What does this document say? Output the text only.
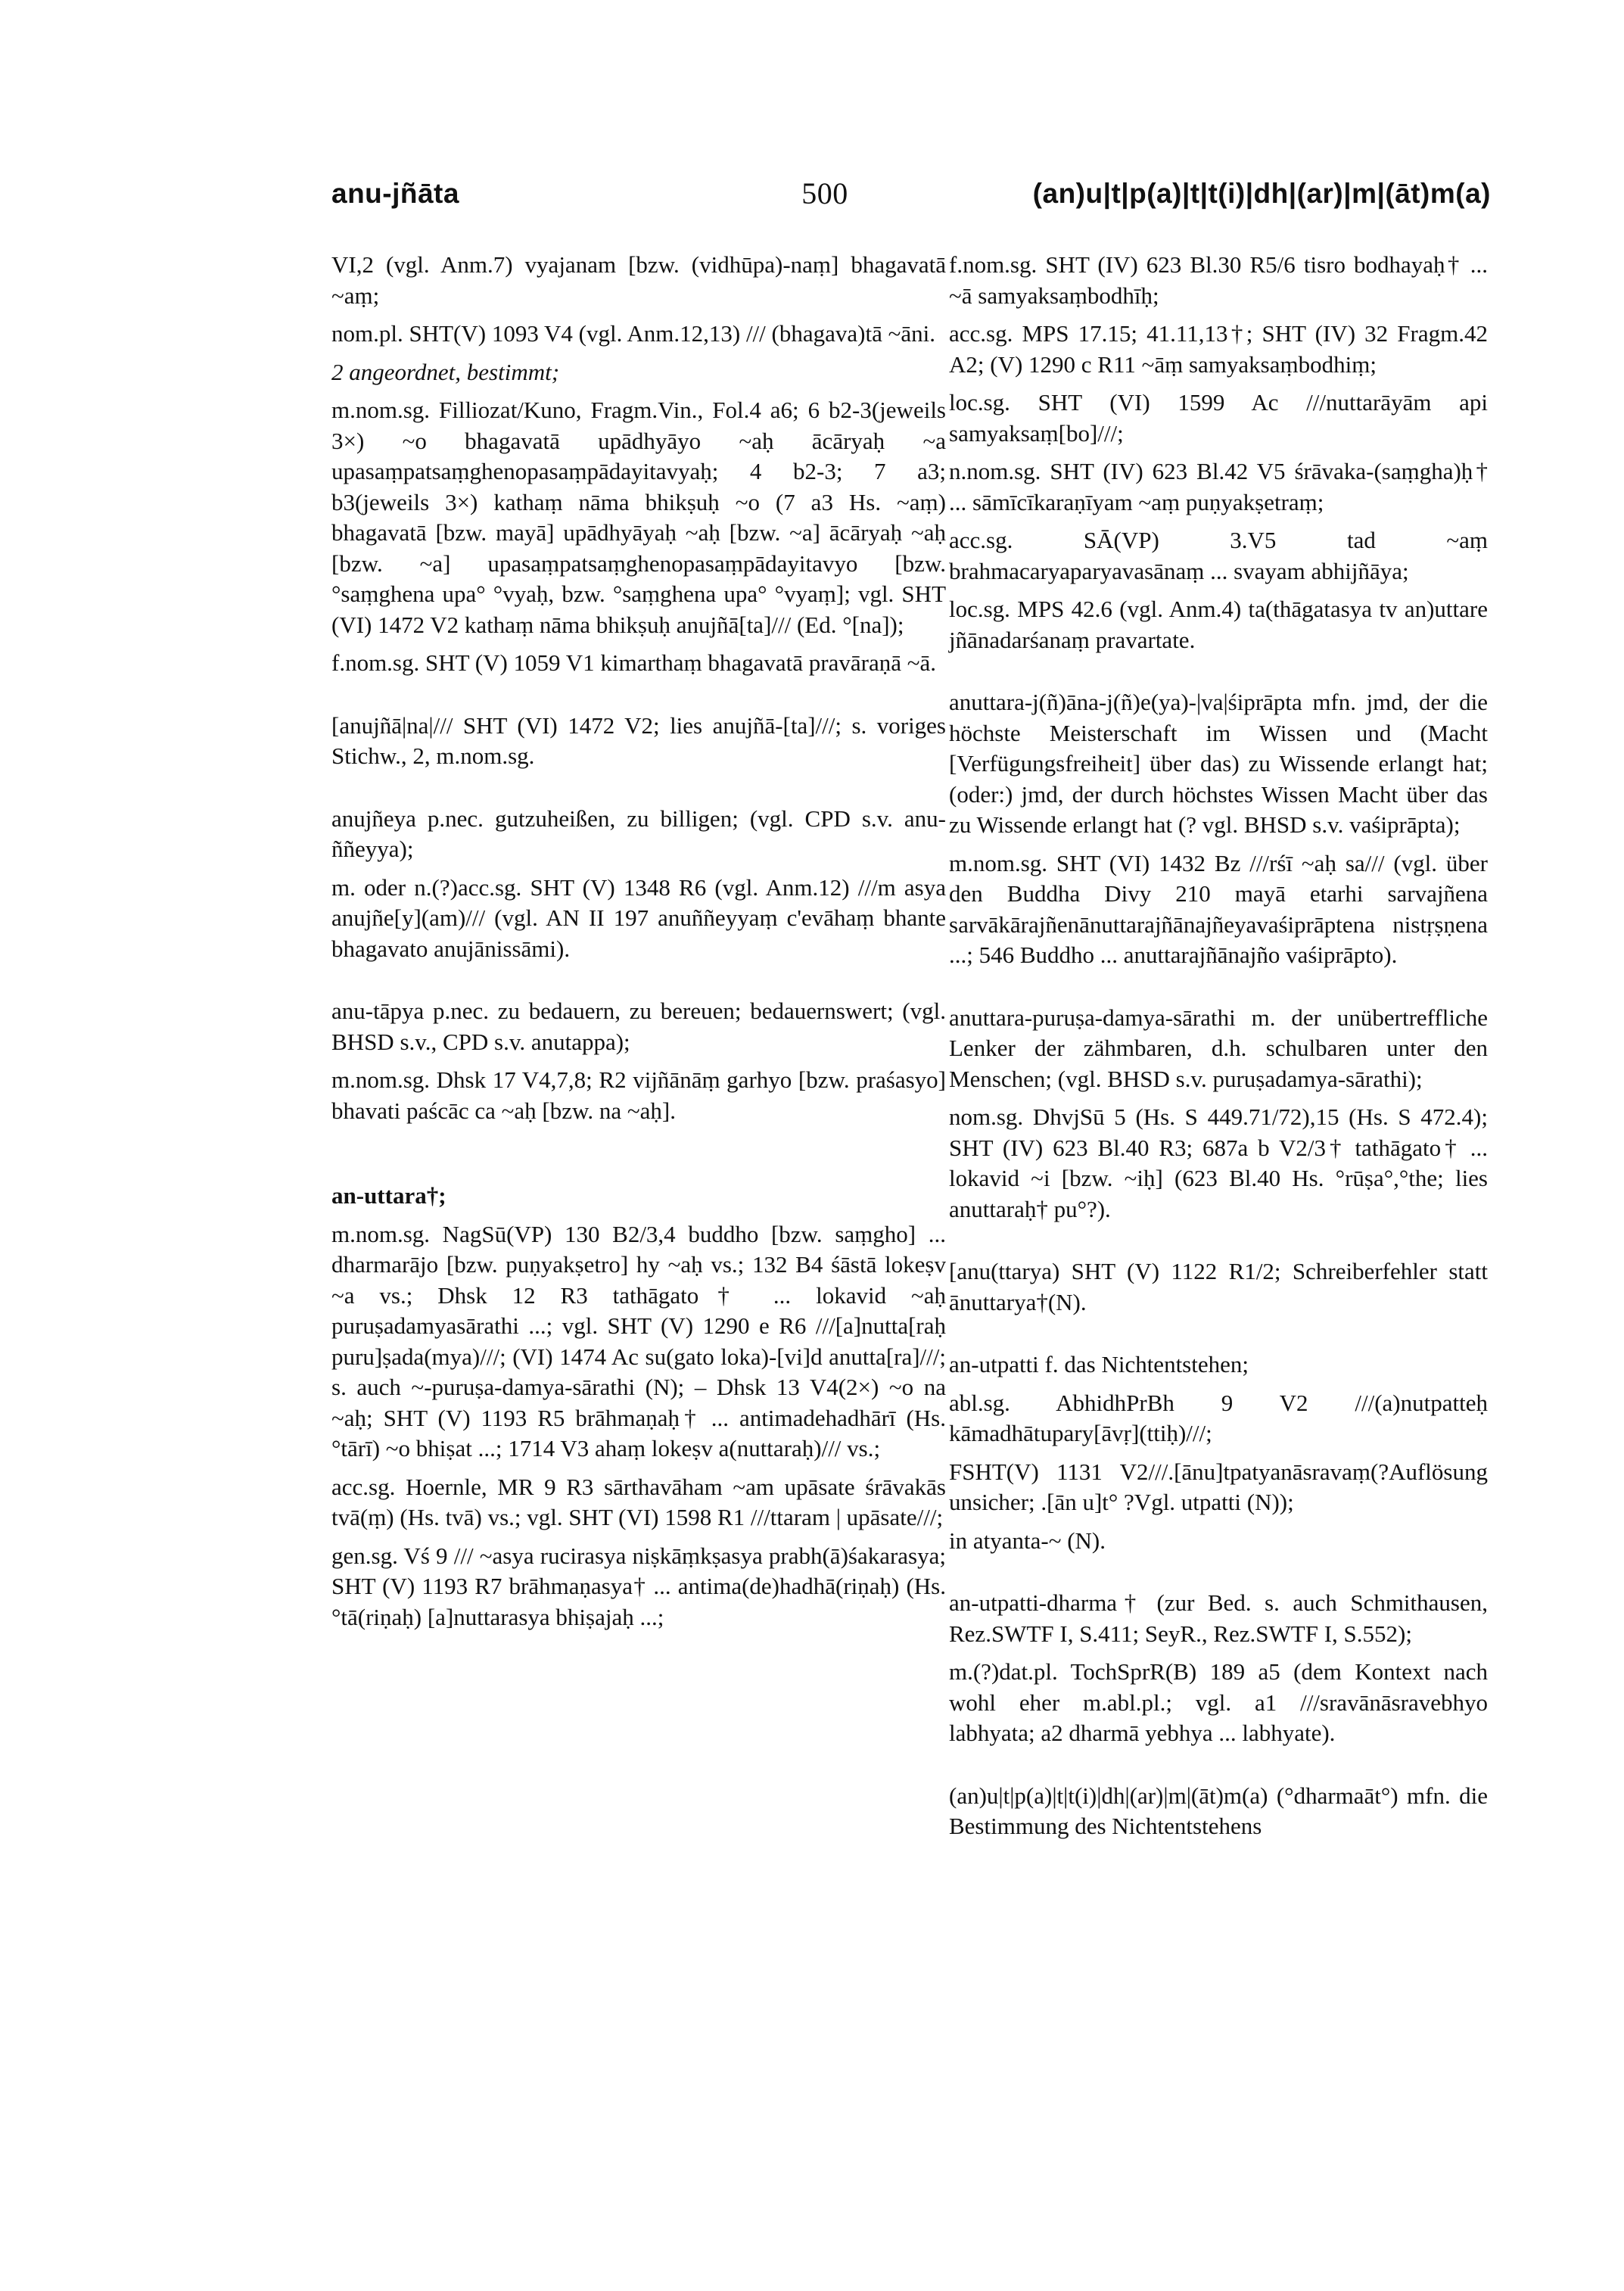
anu-jñāta	500	(an)u|t|p(a)|t|t(i)|dh|(ar)|m|(āt)m(a)

VI,2 (vgl. Anm.7) vyajanam [bzw. (vidhūpa)-naṃ] bhagavatā ~aṃ;

nom.pl. SHT(V) 1093 V4 (vgl. Anm.12,13) /// (bhagava)tā ~āni.

2 angeordnet, bestimmt;

m.nom.sg. Filliozat/Kuno, Fragm.Vin., Fol.4 a6; 6 b2-3(jeweils 3×) ~o bhagavatā upādhyāyo ~aḥ ācāryaḥ ~a upasaṃpatsaṃghenopasaṃpādayitavyaḥ; 4 b2-3; 7 a3; b3(jeweils 3×) kathaṃ nāma bhikṣuḥ ~o (7 a3 Hs. ~aṃ) bhagavatā [bzw. mayā] upādhyāyaḥ ~aḥ [bzw. ~a] ācāryaḥ ~aḥ [bzw. ~a] upasaṃpatsaṃghenopasaṃpādayitavyo [bzw. °saṃghena upa° °vyaḥ, bzw. °saṃghena upa° °vyaṃ]; vgl. SHT (VI) 1472 V2 kathaṃ nāma bhikṣuḥ anujñā[ta]/// (Ed. °[na]);

f.nom.sg. SHT (V) 1059 V1 kimarthaṃ bhagavatā pravāraṇā ~ā.

[anujñā|na|/// SHT (VI) 1472 V2; lies anujñā-[ta]///; s. voriges Stichw., 2, m.nom.sg.

anujñeya p.nec. gutzuheißen, zu billigen; (vgl. CPD s.v. anu-ññeyya);

m. oder n.(?)acc.sg. SHT (V) 1348 R6 (vgl. Anm.12) ///m asya anujñe[y](am)/// (vgl. AN II 197 anuññeyyaṃ c'evāhaṃ bhante bhagavato anujānissāmi).

anu-tāpya p.nec. zu bedauern, zu bereuen; bedauernswert; (vgl. BHSD s.v., CPD s.v. anutappa);

m.nom.sg. Dhsk 17 V4,7,8; R2 vijñānāṃ garhyo [bzw. praśasyo] bhavati paścāc ca ~aḥ [bzw. na ~aḥ].

an-uttara†;

m.nom.sg. NagSū(VP) 130 B2/3,4 buddho [bzw. saṃgho] ... dharmarājo [bzw. puṇyakṣetro] hy ~aḥ vs.; 132 B4 śāstā lokeṣv ~a vs.; Dhsk 12 R3 tathāgato† ... lokavid ~aḥ puruṣadamyasārathi ...; vgl. SHT (V) 1290 e R6 ///[a]nutta[raḥ puru]ṣada(mya)///; (VI) 1474 Ac su(gato loka)-[vi]d anutta[ra]///; s. auch ~-puruṣa-damya-sārathi (N); – Dhsk 13 V4(2×) ~o na ~aḥ; SHT (V) 1193 R5 brāhmaṇaḥ† ... antimadehadhārī (Hs. °tārī) ~o bhiṣat ...; 1714 V3 ahaṃ lokeṣv a(nuttaraḥ)/// vs.;

acc.sg. Hoernle, MR 9 R3 sārthavāham ~am upāsate śrāvakās tvā(ṃ) (Hs. tvā) vs.; vgl. SHT (VI) 1598 R1 ///ttaram | upāsate///;

gen.sg. Vś 9 /// ~asya rucirasya niṣkāṃkṣasya prabh(ā)śakarasya; SHT (V) 1193 R7 brāhmaṇasya† ... antima(de)hadhā(riṇaḥ) (Hs. °tā(riṇaḥ) [a]nuttarasya bhiṣajaḥ ...;

f.nom.sg. SHT (IV) 623 Bl.30 R5/6 tisro bodhayaḥ† ... ~ā samyaksaṃbodhīḥ;

acc.sg. MPS 17.15; 41.11,13†; SHT (IV) 32 Fragm.42 A2; (V) 1290 c R11 ~āṃ samyaksaṃbodhiṃ;

loc.sg. SHT (VI) 1599 Ac ///nuttarāyām api samyaksaṃ[bo]///;

n.nom.sg. SHT (IV) 623 Bl.42 V5 śrāvaka-(saṃgha)ḥ† ... sāmīcīkaraṇīyam ~aṃ puṇyakṣetraṃ;

acc.sg. SĀ(VP) 3.V5 tad ~aṃ brahmacaryaparyavasānaṃ ... svayam abhijñāya;

loc.sg. MPS 42.6 (vgl. Anm.4) ta(thāgatasya tv an)uttare jñānadarśanaṃ pravartate.

anuttara-j(ñ)āna-j(ñ)e(ya)-|va|śiprāpta mfn. jmd, der die höchste Meisterschaft im Wissen und (Macht [Verfügungsfreiheit] über das) zu Wissende erlangt hat; (oder:) jmd, der durch höchstes Wissen Macht über das zu Wissende erlangt hat (? vgl. BHSD s.v. vaśiprāpta);

m.nom.sg. SHT (VI) 1432 Bz ///rśī ~aḥ sa/// (vgl. über den Buddha Divy 210 mayā etarhi sarvajñena sarvākārajñenānuttarajñānajñeyavaśiprāptena nistṛṣṇena ...; 546 Buddho ... anuttarajñānajño vaśiprāpto).

anuttara-puruṣa-damya-sārathi m. der unübertreffliche Lenker der zähmbaren, d.h. schulbaren unter den Menschen; (vgl. BHSD s.v. puruṣadamya-sārathi);

nom.sg. DhvjSū 5 (Hs. S 449.71/72),15 (Hs. S 472.4); SHT (IV) 623 Bl.40 R3; 687a b V2/3† tathāgato† ... lokavid ~i [bzw. ~iḥ] (623 Bl.40 Hs. °rūṣa°,°the; lies anuttaraḥ† pu°?).

[anu(ttarya) SHT (V) 1122 R1/2; Schreiberfehler statt ānuttarya†(N).

an-utpatti f. das Nichtentstehen;

abl.sg. AbhidhPrBh 9 V2 ///(a)nutpatteḥ kāmadhātupary[āvṛ](ttiḥ)///;

FSHT(V) 1131 V2///.[ānu]tpatyanāsravaṃ(?Auflösung unsicher; .[ān u]t° ?Vgl. utpatti (N));

in atyanta-~ (N).

an-utpatti-dharma† (zur Bed. s. auch Schmithausen, Rez.SWTF I, S.411; SeyR., Rez.SWTF I, S.552);

m.(?)dat.pl. TochSprR(B) 189 a5 (dem Kontext nach wohl eher m.abl.pl.; vgl. a1 ///sravānāsravebhyo labhyata; a2 dharmā yebhya ... labhyate).

(an)u|t|p(a)|t|t(i)|dh|(ar)|m|(āt)m(a) (°dharmaāt°) mfn. die Bestimmung des Nichtentstehens
